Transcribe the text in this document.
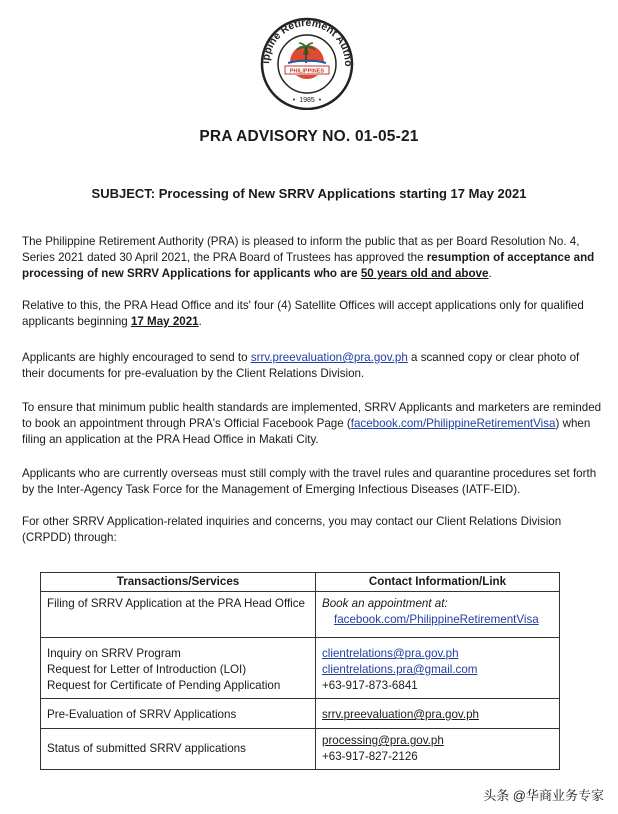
ippine Retirement Autho
PHILIPPINES
1985
•	•
PRA ADVISORY NO. 01-05-21
SUBJECT: Processing of New SRRV Applications starting 17 May 2021

The Philippine Retirement Authority (PRA) is pleased to inform the public that as per Board Resolution No. 4, Series 2021 dated 30 April 2021, the PRA Board of Trustees has approved the resumption of acceptance and processing of new SRRV Applications for applicants who are 50 years old and above.

Relative to this, the PRA Head Office and its' four (4) Satellite Offices will accept applications only for qualified applicants beginning 17 May 2021.

Applicants are highly encouraged to send to srrv.preevaluation@pra.gov.ph a scanned copy or clear photo of their documents for pre-evaluation by the Client Relations Division.

To ensure that minimum public health standards are implemented, SRRV Applicants and marketers are reminded to book an appointment through PRA's Official Facebook Page (facebook.com/PhilippineRetirementVisa) when filing an application at the PRA Head Office in Makati City.

Applicants who are currently overseas must still comply with the travel rules and quarantine procedures set forth by the Inter-Agency Task Force for the Management of Emerging Infectious Diseases (IATF-EID).

For other SRRV Application-related inquiries and concerns, you may contact our Client Relations Division (CRPDD) through:

Transactions/Services	Contact Information/Link
Filing of SRRV Application at the PRA Head Office	Book an appointment at:
facebook.com/PhilippineRetirementVisa

Inquiry on SRRV Program
Request for Letter of Introduction (LOI)
Request for Certificate of Pending Application	clientrelations@pra.gov.ph
clientrelations.pra@gmail.com
+63-917-873-6841

Pre-Evaluation of SRRV Applications	srrv.preevaluation@pra.gov.ph

Status of submitted SRRV applications	processing@pra.gov.ph
+63-917-827-2126
头条 @华商业务专家
